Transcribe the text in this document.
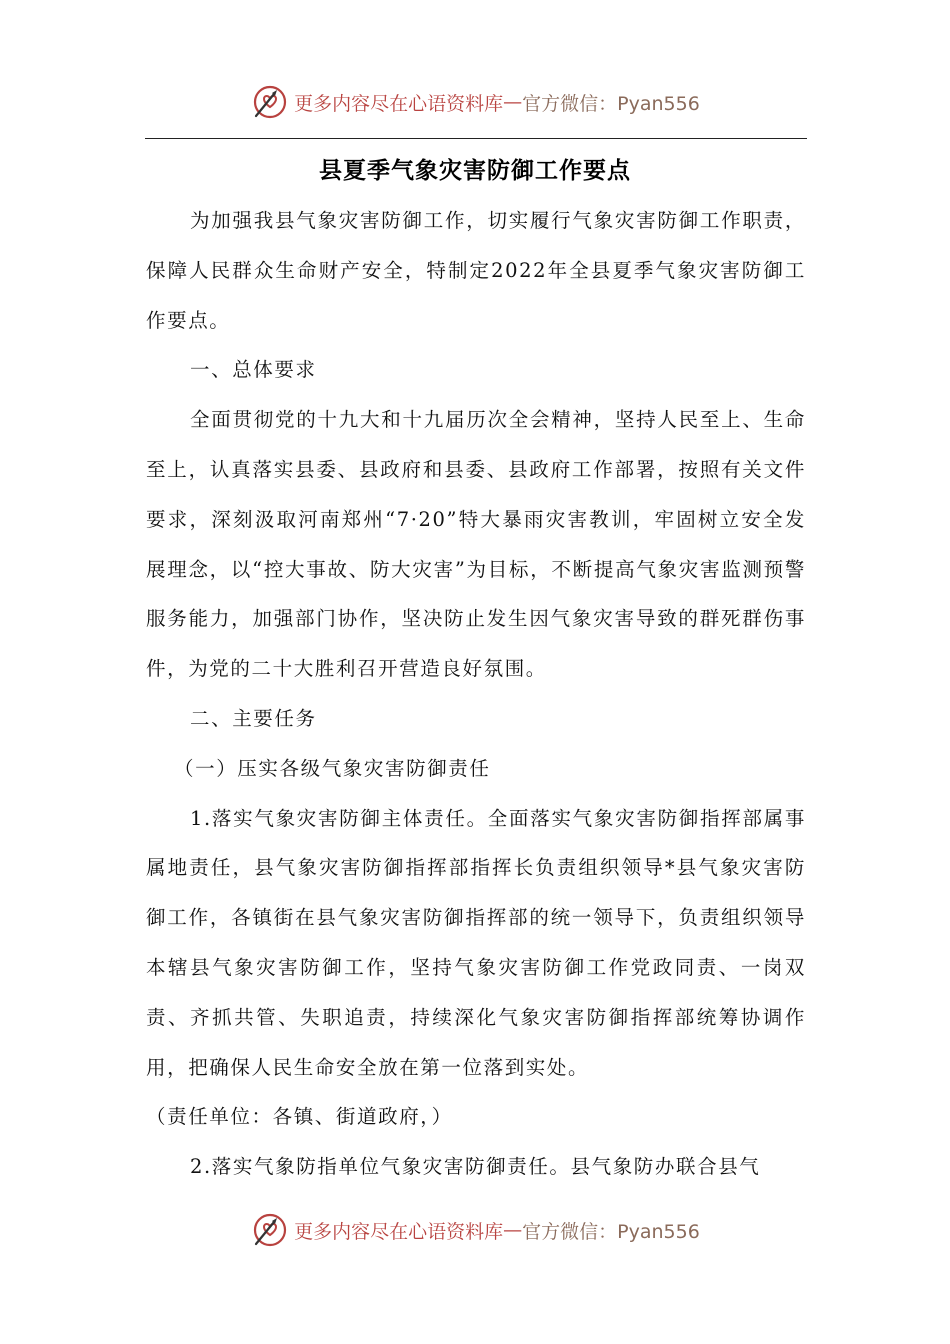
更多内容尽在心语资料库 — 官方微信：Pyan556
县夏季气象灾害防御工作要点

为加强我县气象灾害防御工作，切实履行气象灾害防御工作职责，保障人民群众生命财产安全，特制定2022年全县夏季气象灾害防御工作要点。

一、总体要求

全面贯彻党的十九大和十九届历次全会精神，坚持人民至上、生命至上，认真落实县委、县政府和县委、县政府工作部署，按照有关文件要求，深刻汲取河南郑州“7·20”特大暴雨灾害教训，牢固树立安全发展理念，以“控大事故、防大灾害”为目标，不断提高气象灾害监测预警服务能力，加强部门协作，坚决防止发生因气象灾害导致的群死群伤事件，为党的二十大胜利召开营造良好氛围。

二、主要任务

（一）压实各级气象灾害防御责任

1.落实气象灾害防御主体责任。全面落实气象灾害防御指挥部属事属地责任，县气象灾害防御指挥部指挥长负责组织领导*县气象灾害防御工作，各镇街在县气象灾害防御指挥部的统一领导下，负责组织领导本辖县气象灾害防御工作，坚持气象灾害防御工作党政同责、一岗双责、齐抓共管、失职追责，持续深化气象灾害防御指挥部统筹协调作用，把确保人民生命安全放在第一位落到实处。

（责任单位：各镇、街道政府，）

2.落实气象防指单位气象灾害防御责任。县气象防办联合县气

更多内容尽在心语资料库 — 官方微信：Pyan556
